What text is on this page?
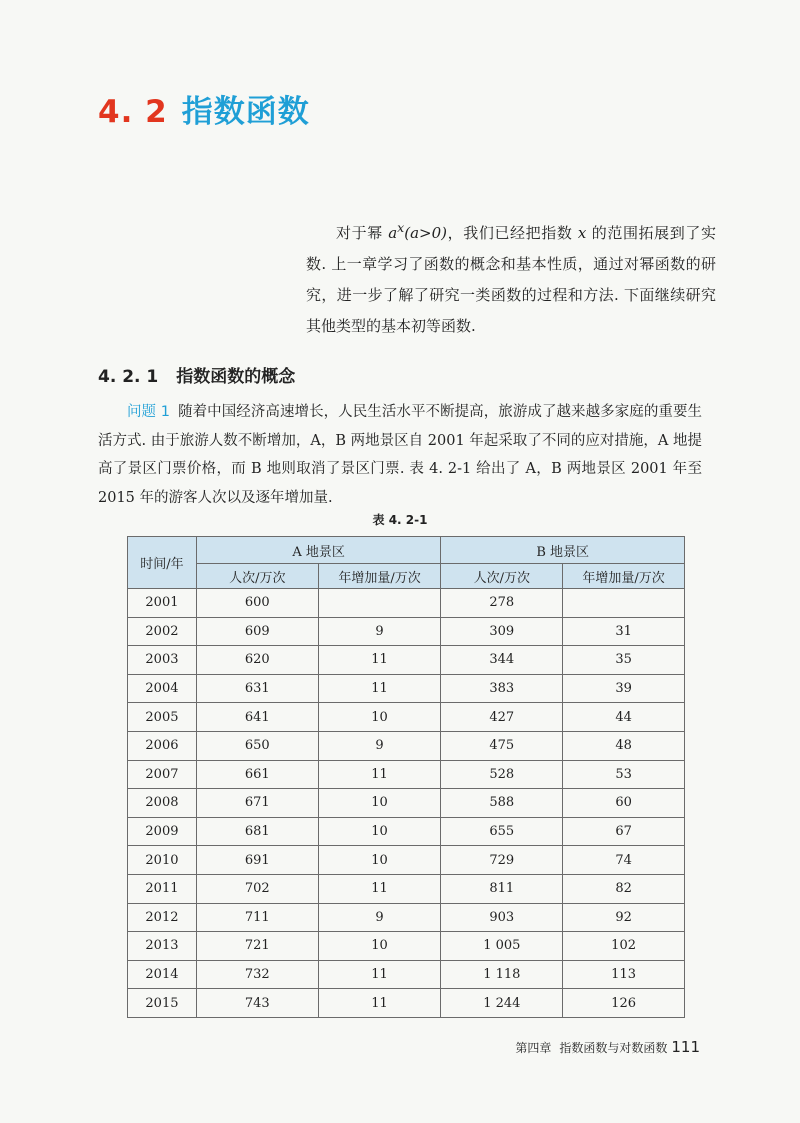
4. 2 指数函数

对于幂 $a^x(a>0)$，我们已经把指数 x 的范围拓展到了实数. 上一章学习了函数的概念和基本性质，通过对幂函数的研究，进一步了解了研究一类函数的过程和方法. 下面继续研究其他类型的基本初等函数.

4. 2. 1 指数函数的概念

问题 1 随着中国经济高速增长，人民生活水平不断提高，旅游成了越来越多家庭的重要生活方式. 由于旅游人数不断增加，A，B 两地景区自 2001 年起采取了不同的应对措施，A 地提高了景区门票价格，而 B 地则取消了景区门票. 表 4. 2-1 给出了 A，B 两地景区 2001 年至 2015 年的游客人次以及逐年增加量.

表 4. 2-1
时间/年	A 地景区		B 地景区	
	人次/万次	年增加量/万次	人次/万次	年增加量/万次
2001	600		278	
2002	609	9	309	31
2003	620	11	344	35
2004	631	11	383	39
2005	641	10	427	44
2006	650	9	475	48
2007	661	11	528	53
2008	671	10	588	60
2009	681	10	655	67
2010	691	10	729	74
2011	702	11	811	82
2012	711	9	903	92
2013	721	10	1 005	102
2014	732	11	1 118	113
2015	743	11	1 244	126
第四章 指数函数与对数函数 111
